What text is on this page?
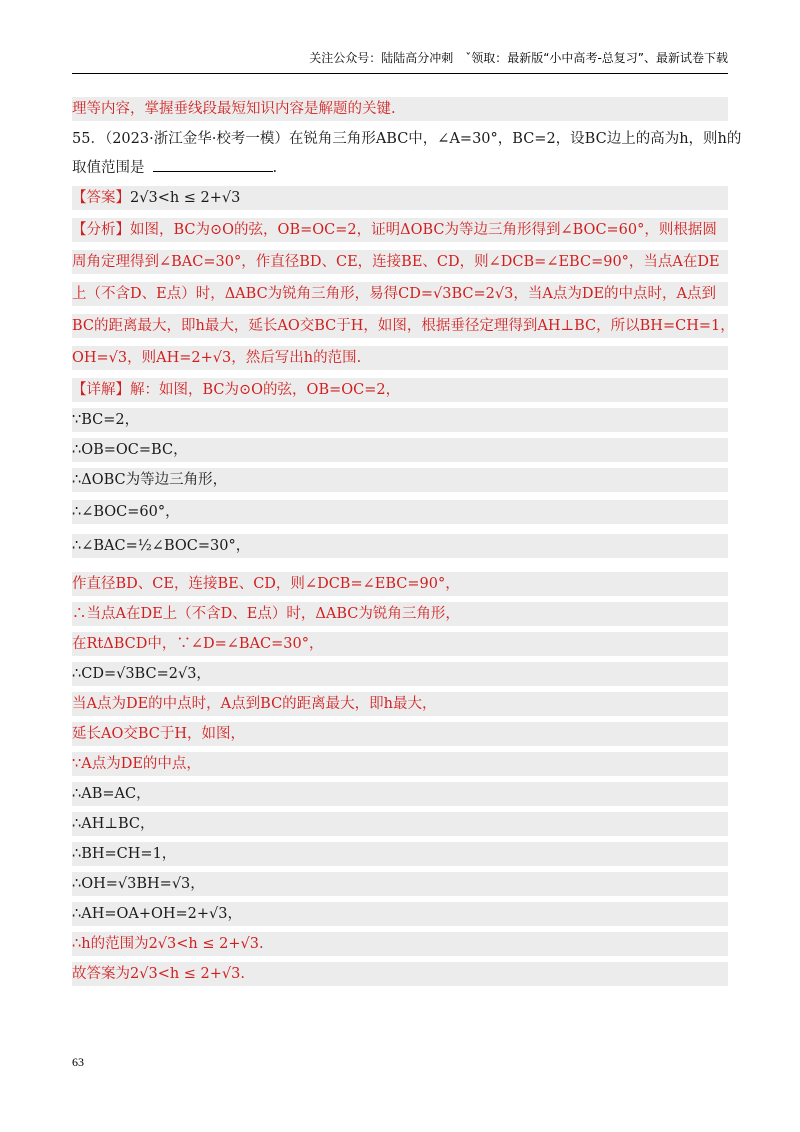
关注公众号：陆陆高分冲刺　ˇ领取：最新版“小中高考-总复习”、最新试卷下载
理等内容，掌握垂线段最短知识内容是解题的关键.
55．（2023·浙江金华·校考一模）在锐角三角形ABC中，∠A=30°，BC=2，设BC边上的高为h，则h的
取值范围是	.
【答案】2√3<h ≤ 2+√3
【分析】如图，BC为⊙O的弦，OB=OC=2，证明ΔOBC为等边三角形得到∠BOC=60°，则根据圆
周角定理得到∠BAC=30°，作直径BD、CE，连接BE、CD，则∠DCB=∠EBC=90°，当点A在DE
上（不含D、E点）时，ΔABC为锐角三角形，易得CD=√3BC=2√3，当A点为DE的中点时，A点到
BC的距离最大，即h最大，延长AO交BC于H，如图，根据垂径定理得到AH⊥BC，所以BH=CH=1，
OH=√3，则AH=2+√3，然后写出h的范围.
【详解】解：如图，BC为⊙O的弦，OB=OC=2，
∵BC=2，
∴OB=OC=BC，
∴ΔOBC为等边三角形，
∴∠BOC=60°，
∴∠BAC=½∠BOC=30°，
作直径BD、CE，连接BE、CD，则∠DCB=∠EBC=90°，
∴当点A在DE上（不含D、E点）时，ΔABC为锐角三角形，
在RtΔBCD中，∵∠D=∠BAC=30°，
∴CD=√3BC=2√3，
当A点为DE的中点时，A点到BC的距离最大，即h最大，
延长AO交BC于H，如图，
∵A点为DE的中点，
∴AB=AC，
∴AH⊥BC，
∴BH=CH=1，
∴OH=√3BH=√3，
∴AH=OA+OH=2+√3，
∴h的范围为2√3<h ≤ 2+√3.
故答案为2√3<h ≤ 2+√3.
63
